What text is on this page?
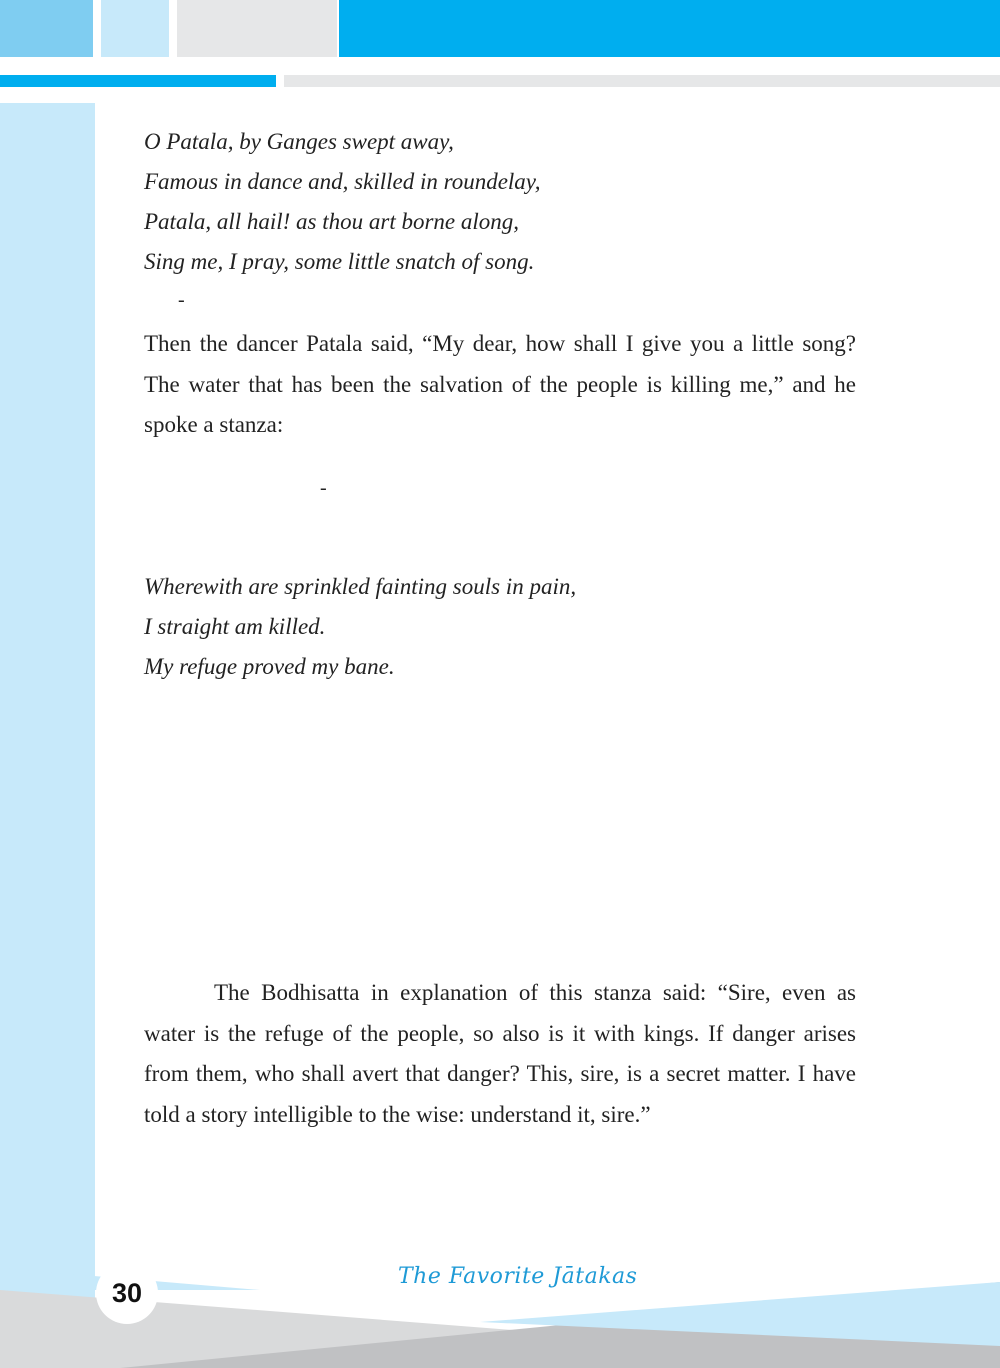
O Patala, by Ganges swept away,

Famous in dance and, skilled in roundelay,

Patala, all hail! as thou art borne along,

Sing me, I pray, some little snatch of song.

-

Then the dancer Patala said, “My dear, how shall I give you a little song? The water that has been the salvation of the people is killing me,” and he spoke a stanza:

-

Wherewith are sprinkled fainting souls in pain,

I straight am killed.

My refuge proved my bane.

The Bodhisatta in explanation of this stanza said: “Sire, even as water is the refuge of the people, so also is it with kings. If danger arises from them, who shall avert that danger? This, sire, is a secret matter. I have told a story intelligible to the wise: understand it, sire.”

30
The Favorite Jātakas
